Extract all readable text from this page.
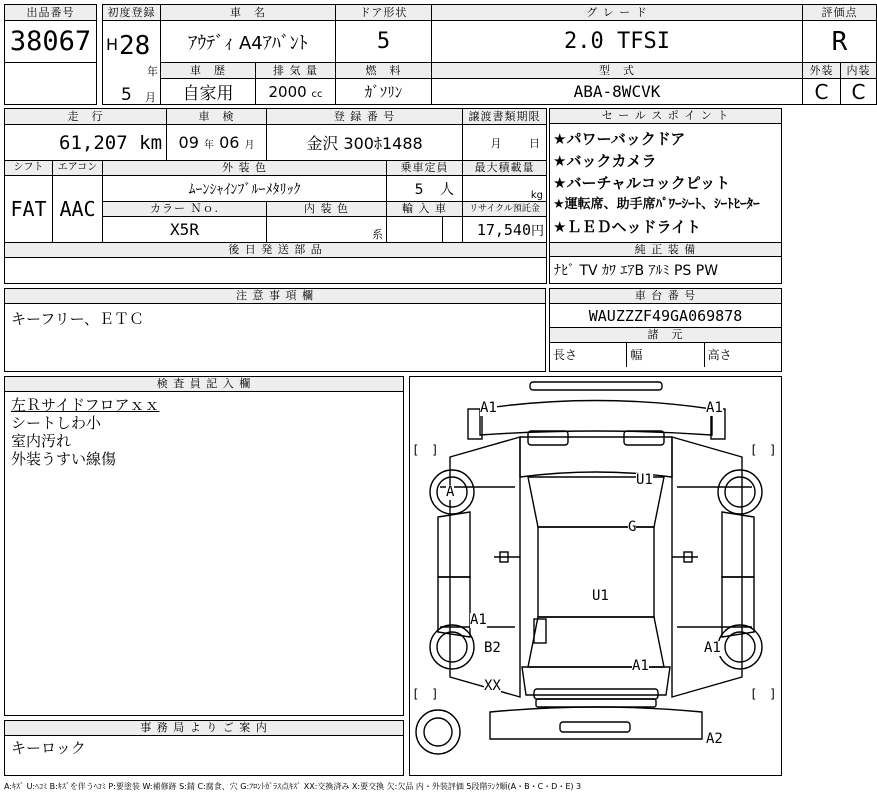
出品番号		初度登録	車　名		ドア形状	グ レ ー ド	評価点	
38067		H 28
年
5 月	ｱｳﾃﾞｨ A4ｱﾊﾞﾝﾄ		5	2.0 TFSI	R	
			車　歴	排 気 量	燃　料	型　式	外装	内装
			自家用	2000 cc	ｶﾞｿﾘﾝ	ABA-8WCVK	C	C
走　行			車　検	登 録 番 号			譲渡書類期限
61,207 km			09 年 06 月	金沢 300ﾎ1488			月 日
シフト	エアコン	外 装 色			乗車定員		最大積載量
FAT	AAC	ﾑｰﾝｼｬｲﾝﾌﾞﾙｰﾒﾀﾘｯｸ			5 人		kg
		カラー Ｎｏ.		内 装 色	輸 入 車		リサイクル預託金
		X5R		系			17,540円
後 日 発 送 部 品							

セ ー ル ス ポ イ ン ト
★パワーバックドア
★バックカメラ
★バーチャルコックピット
★運転席、助手席ﾊﾟﾜｰｼｰﾄ、ｼｰﾄﾋｰﾀｰ
★ＬＥＤヘッドライト
純 正 装 備
ﾅﾋﾞ TV ｶﾜ ｴｱB ｱﾙﾐ PS PW
注 意 事 項 欄
キーフリー、ＥＴＣ
車 台 番 号
WAUZZZF49GA069878
諸　元
長さ	幅	高さ
検 査 員 記 入 欄
左Ｒサイドフロアｘｘ
シートしわ小
室内汚れ
外装うすい線傷
事 務 局 よ り ご 案 内
キーロック
A1	A1
A
U1
G
U1
A1
B2	A1
A1
XX
A2
[　]	[　]
[　]	[　]
A:ｷｽﾞ U:ﾍｺﾐ B:ｷｽﾞを伴うﾍｺﾐ P:要塗装 W:補修跡 S:錆 C:腐食、穴 G:ﾌﾛﾝﾄｶﾞﾗｽ点ｷｽﾞ XX:交換済み X:要交換 欠:欠品 内・外装評価 5段階ﾗﾝｸ順(A・B・C・D・E) 3
